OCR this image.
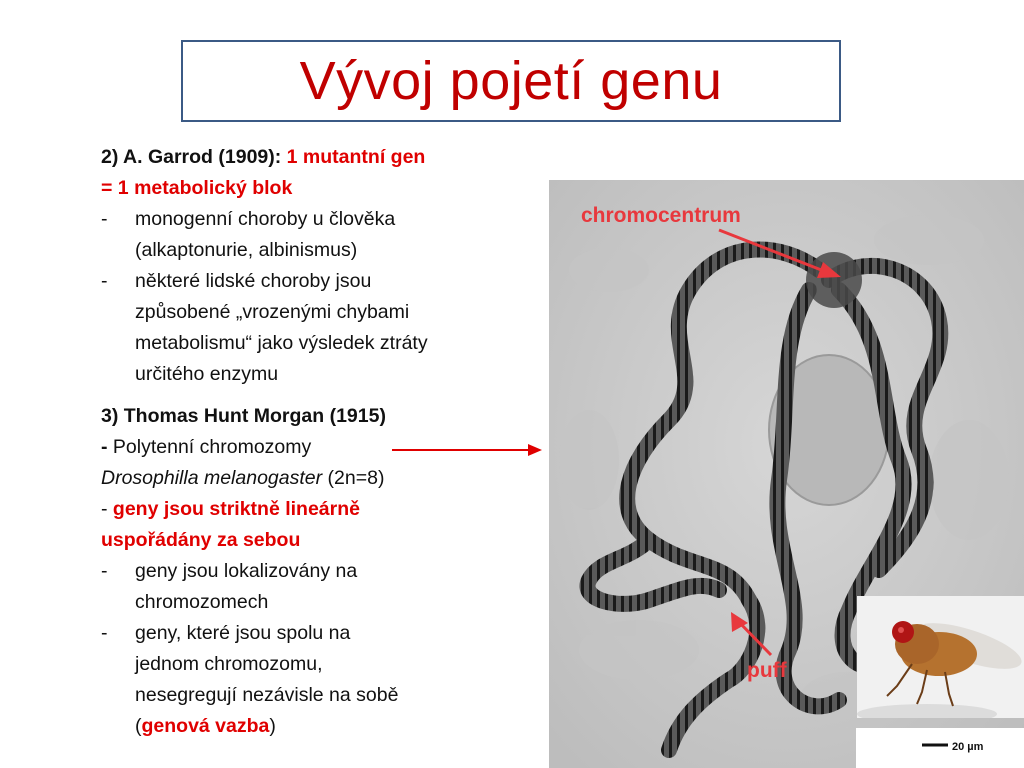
Vývoj pojetí genu
2) A. Garrod (1909): 1 mutantní gen
= 1 metabolický blok
- monogenní choroby u člověka
(alkaptonurie, albinismus)
- některé lidské choroby jsou
způsobené „vrozenými chybami
metabolismu“ jako výsledek ztráty
určitého enzymu
3) Thomas Hunt Morgan (1915)
- Polytenní chromozomy
Drosophilla melanogaster (2n=8)
- geny jsou striktně lineárně
uspořádány za sebou
- geny jsou lokalizovány na
chromozomech
- geny, které jsou spolu na
jednom chromozomu,
nesegregují nezávisle na sobě
(genová vazba)
chromocentrum
puff
20 µm
